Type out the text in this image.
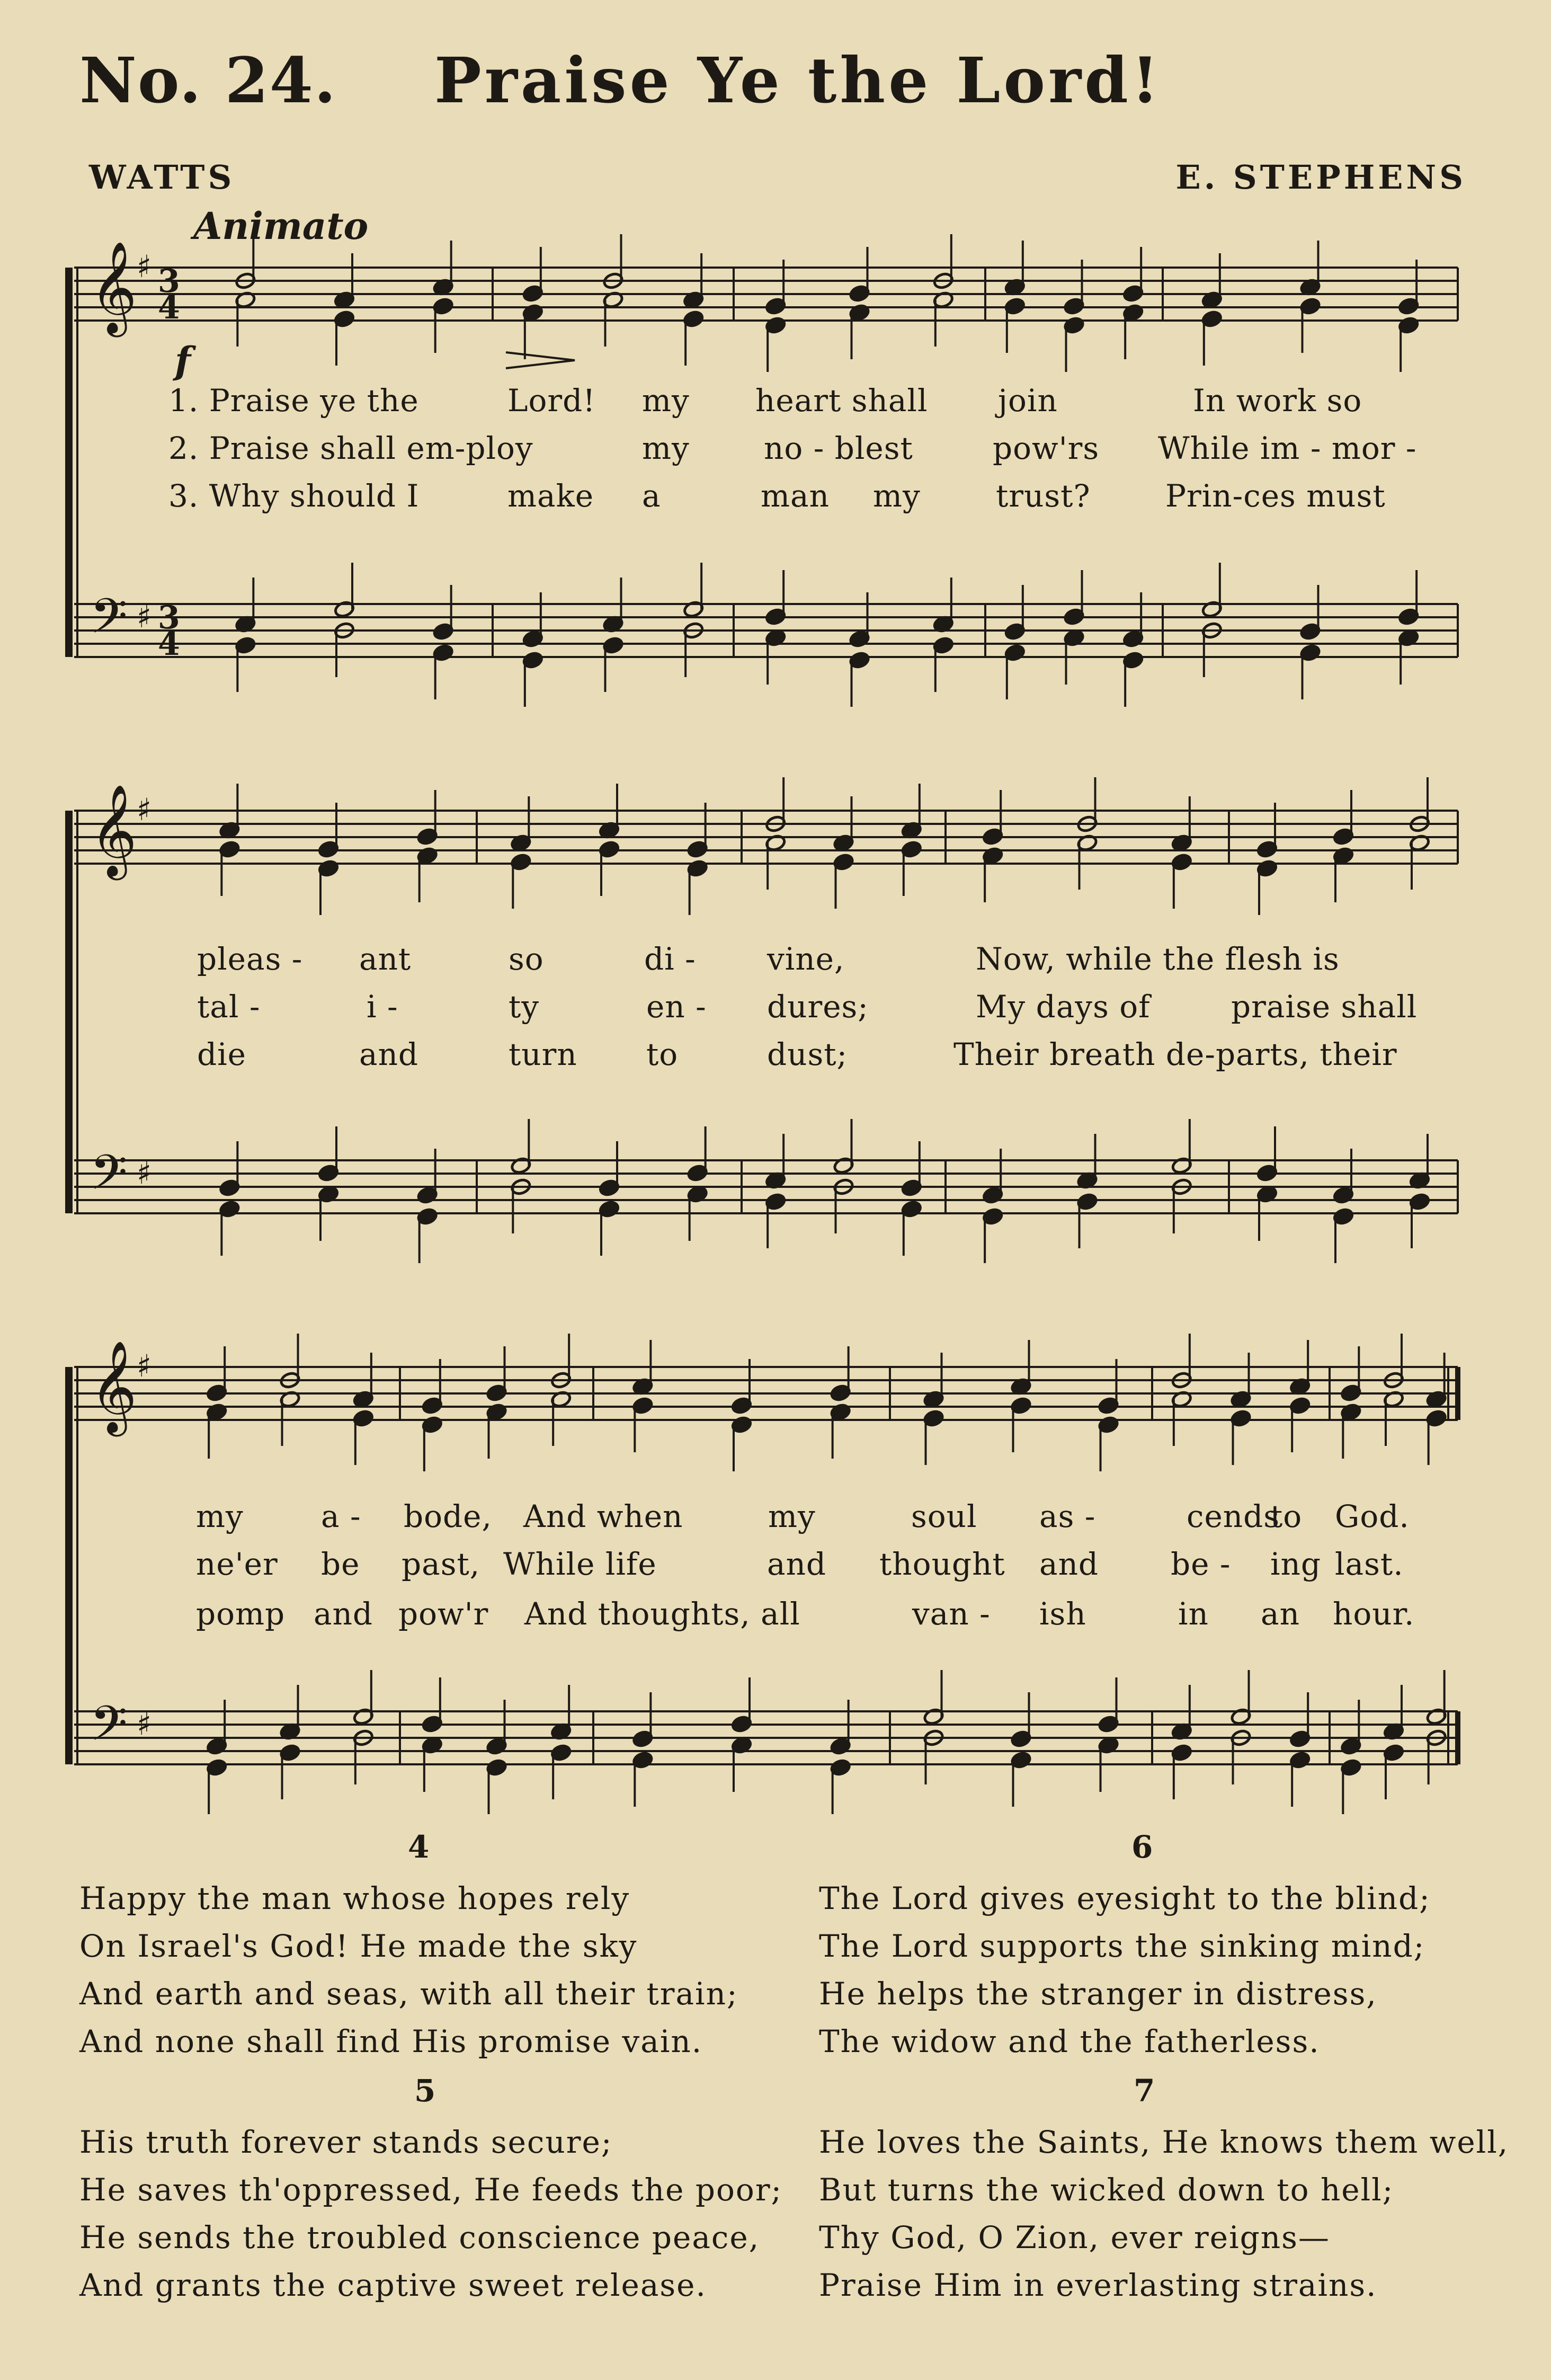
No. 24. Praise Ye the Lord!
WATTS	E. STEPHENS
Animato
𝄞
𝄢
♯
♯
3
3
4
4
𝄞
𝄢
♯
♯
𝄞
𝄢
♯
♯
f
1. Praise ye the	Lord! my heart shall join	In work so
2. Praise shall em-ploy	my no - blest	pow'rs While im - mor -
3. Why should I	make a	man my trust? Prin-ces must
pleas - ant	so	di - vine,	Now, while the flesh is
tal -	i -	ty	en - dures;	My days of	praise shall
die	and	turn to	dust;	Their breath de-parts, their
my	a - bode, And when	my	soul as -	cends
to God.
ne'er be past, While life	and thought and be - ing last.
pomp and pow'r And thoughts, all	van - ish	in an hour.
4
Happy the man whose hopes rely
On Israel's God! He made the sky
And earth and seas, with all their train;
And none shall find His promise vain.
5
His truth forever stands secure;
He saves th'oppressed, He feeds the poor;
He sends the troubled conscience peace,
And grants the captive sweet release.
6
The Lord gives eyesight to the blind;
The Lord supports the sinking mind;
He helps the stranger in distress,
The widow and the fatherless.
7
He loves the Saints, He knows them well,
But turns the wicked down to hell;
Thy God, O Zion, ever reigns—
Praise Him in everlasting strains.
